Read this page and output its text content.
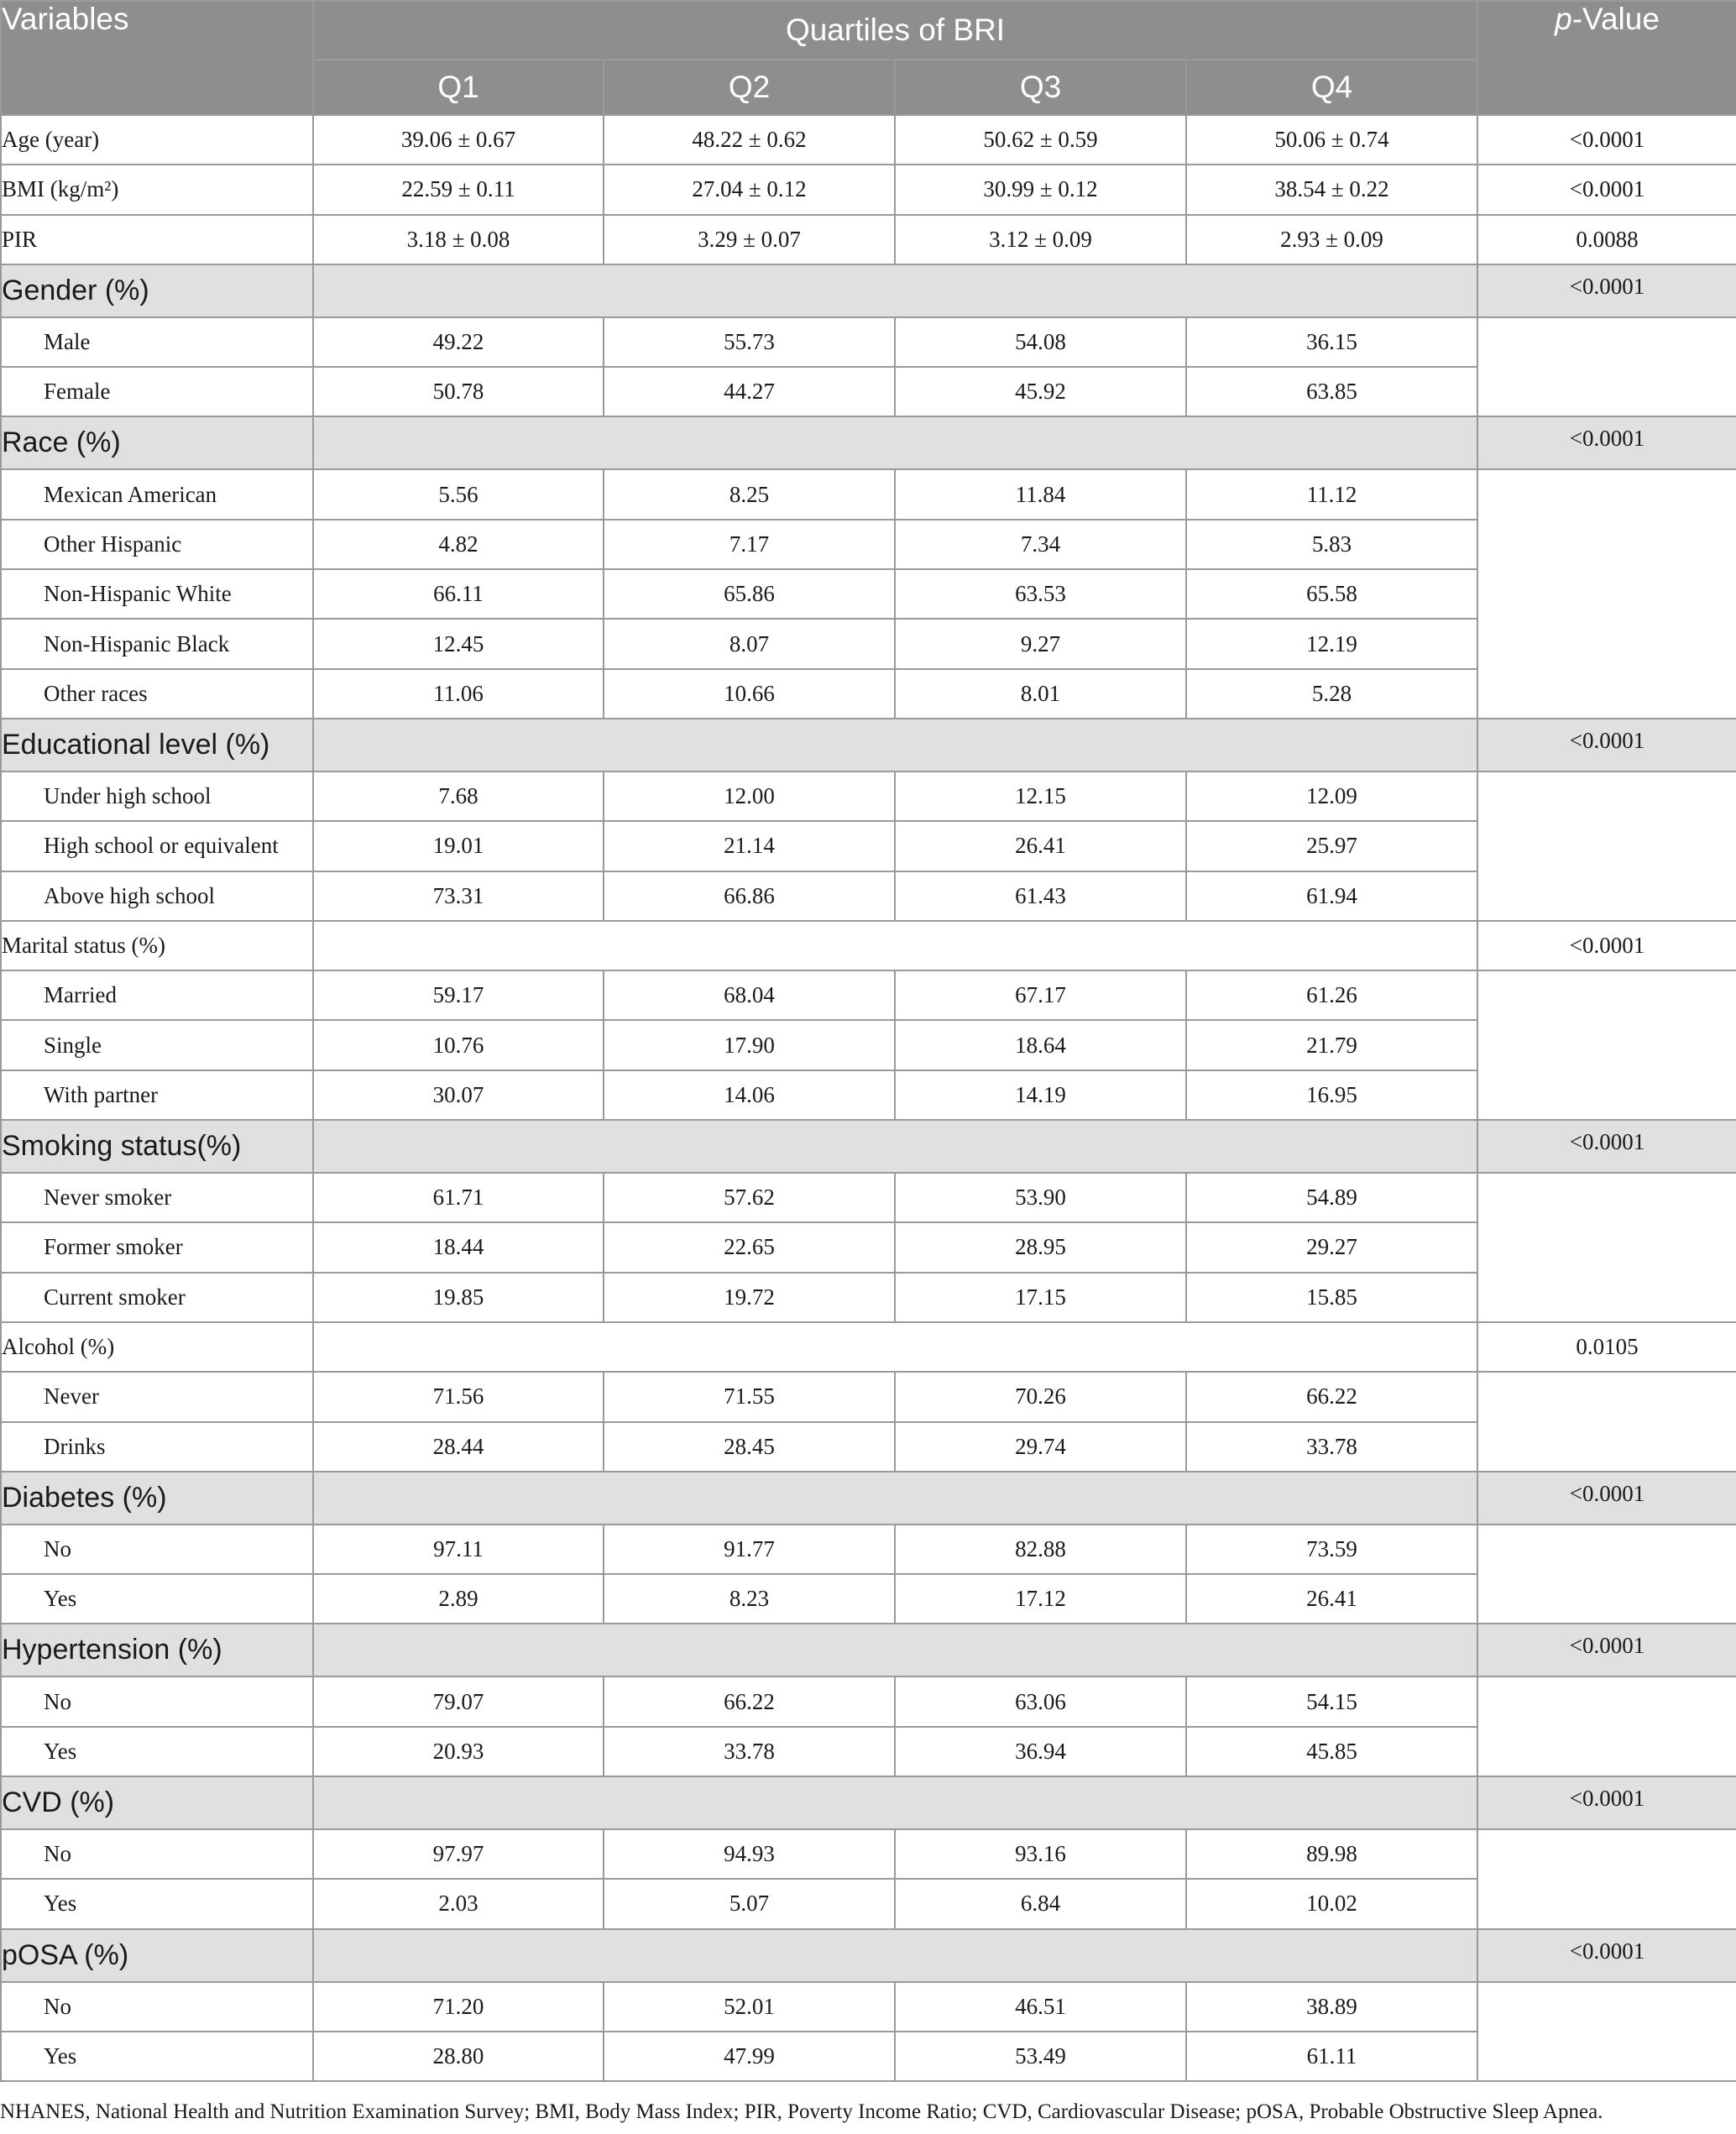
Variables	Quartiles of BRI				p-Value
	Q1	Q2	Q3	Q4	
Age (year)	39.06 ± 0.67	48.22 ± 0.62	50.62 ± 0.59	50.06 ± 0.74	<0.0001
BMI (kg/m²)	22.59 ± 0.11	27.04 ± 0.12	30.99 ± 0.12	38.54 ± 0.22	<0.0001
PIR	3.18 ± 0.08	3.29 ± 0.07	3.12 ± 0.09	2.93 ± 0.09	0.0088
Gender (%)					<0.0001
Male	49.22	55.73	54.08	36.15	
Female	50.78	44.27	45.92	63.85	
Race (%)					<0.0001
Mexican American	5.56	8.25	11.84	11.12	
Other Hispanic	4.82	7.17	7.34	5.83	
Non-Hispanic White	66.11	65.86	63.53	65.58	
Non-Hispanic Black	12.45	8.07	9.27	12.19	
Other races	11.06	10.66	8.01	5.28	
Educational level (%)					<0.0001
Under high school	7.68	12.00	12.15	12.09	
High school or equivalent	19.01	21.14	26.41	25.97	
Above high school	73.31	66.86	61.43	61.94	
Marital status (%)					<0.0001
Married	59.17	68.04	67.17	61.26	
Single	10.76	17.90	18.64	21.79	
With partner	30.07	14.06	14.19	16.95	
Smoking status(%)					<0.0001
Never smoker	61.71	57.62	53.90	54.89	
Former smoker	18.44	22.65	28.95	29.27	
Current smoker	19.85	19.72	17.15	15.85	
Alcohol (%)					0.0105
Never	71.56	71.55	70.26	66.22	
Drinks	28.44	28.45	29.74	33.78	
Diabetes (%)					<0.0001
No	97.11	91.77	82.88	73.59	
Yes	2.89	8.23	17.12	26.41	
Hypertension (%)					<0.0001
No	79.07	66.22	63.06	54.15	
Yes	20.93	33.78	36.94	45.85	
CVD (%)					<0.0001
No	97.97	94.93	93.16	89.98	
Yes	2.03	5.07	6.84	10.02	
pOSA (%)					<0.0001
No	71.20	52.01	46.51	38.89	
Yes	28.80	47.99	53.49	61.11	
NHANES, National Health and Nutrition Examination Survey; BMI, Body Mass Index; PIR, Poverty Income Ratio; CVD, Cardiovascular Disease; pOSA, Probable Obstructive Sleep Apnea.
